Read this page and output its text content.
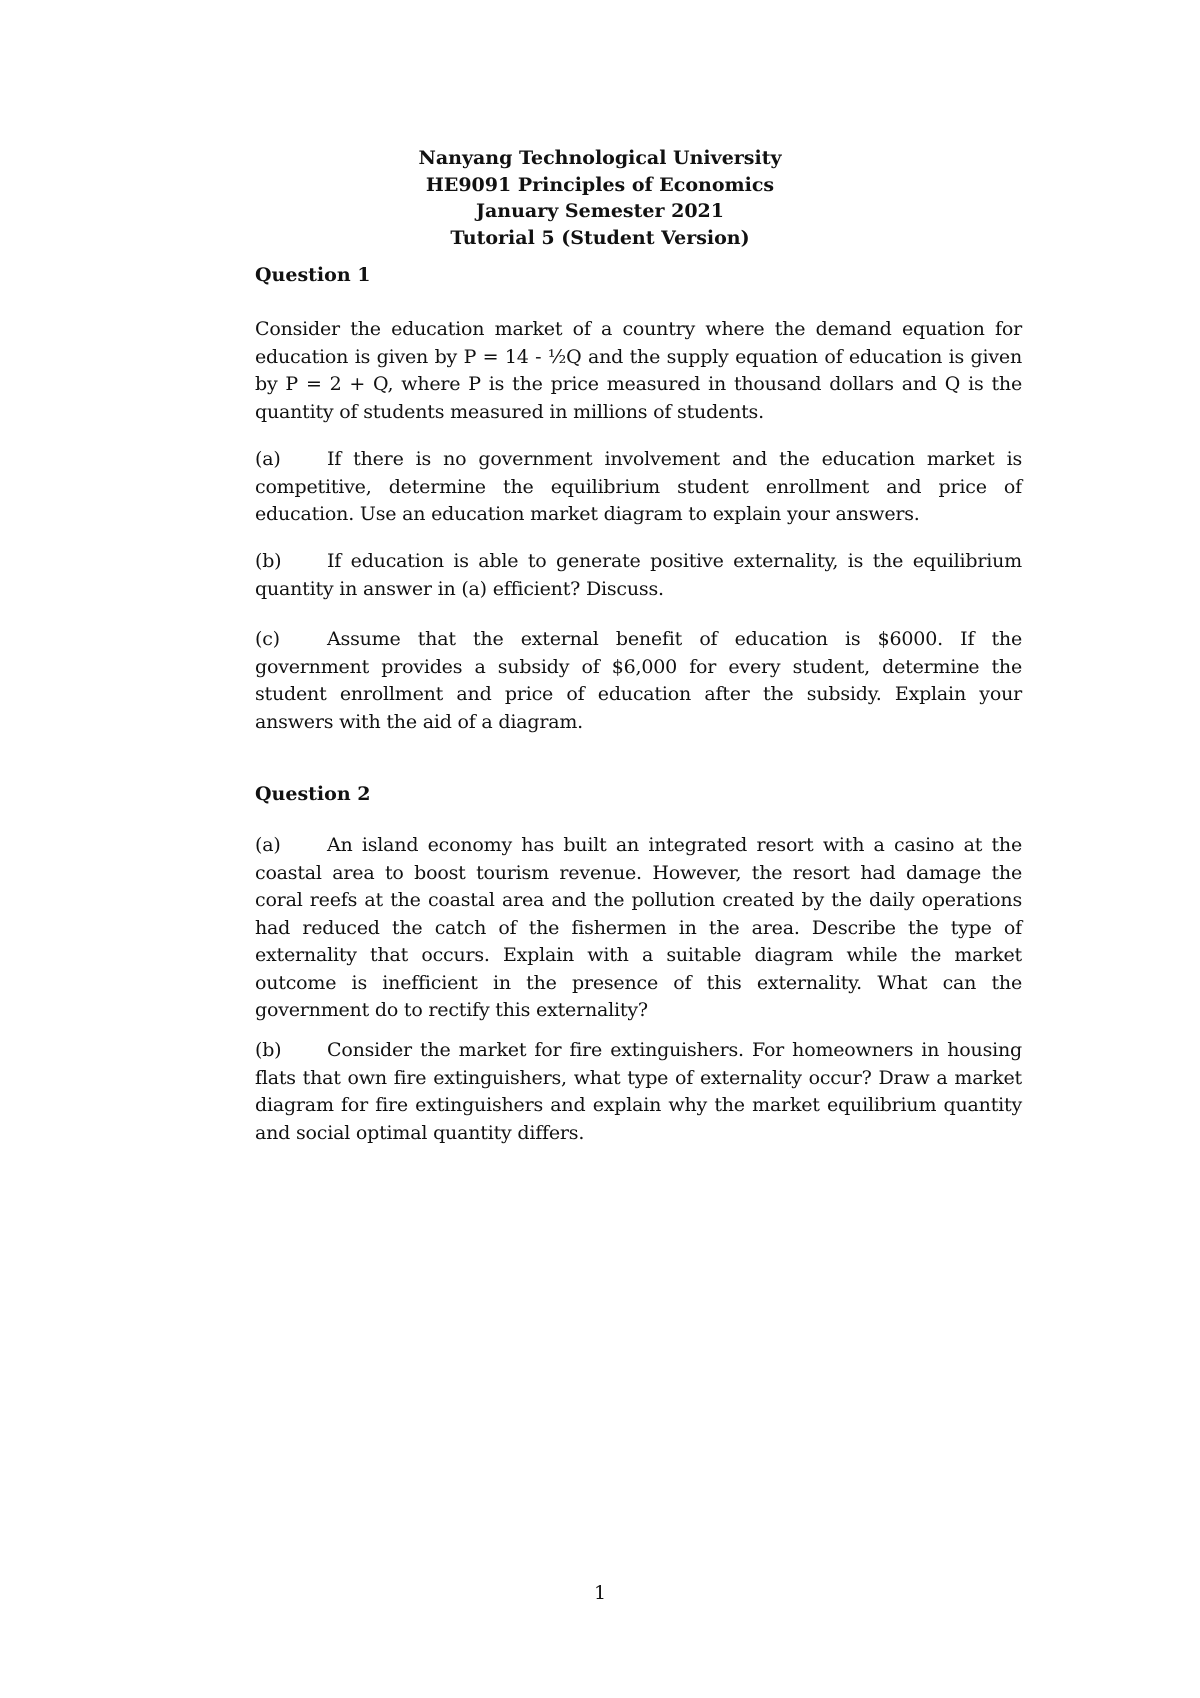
Nanyang Technological University
HE9091 Principles of Economics
January Semester 2021
Tutorial 5 (Student Version)

Question 1

Consider the education market of a country where the demand equation for education is given by P = 14 - ½Q and the supply equation of education is given by P = 2 + Q, where P is the price measured in thousand dollars and Q is the quantity of students measured in millions of students.

(a) If there is no government involvement and the education market is competitive, determine the equilibrium student enrollment and price of education. Use an education market diagram to explain your answers.

(b) If education is able to generate positive externality, is the equilibrium quantity in answer in (a) efficient? Discuss.

(c) Assume that the external benefit of education is $6000. If the government provides a subsidy of $6,000 for every student, determine the student enrollment and price of education after the subsidy. Explain your answers with the aid of a diagram.

Question 2

(a) An island economy has built an integrated resort with a casino at the coastal area to boost tourism revenue. However, the resort had damage the coral reefs at the coastal area and the pollution created by the daily operations had reduced the catch of the fishermen in the area. Describe the type of externality that occurs. Explain with a suitable diagram while the market outcome is inefficient in the presence of this externality. What can the government do to rectify this externality?

(b) Consider the market for fire extinguishers. For homeowners in housing flats that own fire extinguishers, what type of externality occur? Draw a market diagram for fire extinguishers and explain why the market equilibrium quantity and social optimal quantity differs.

1
